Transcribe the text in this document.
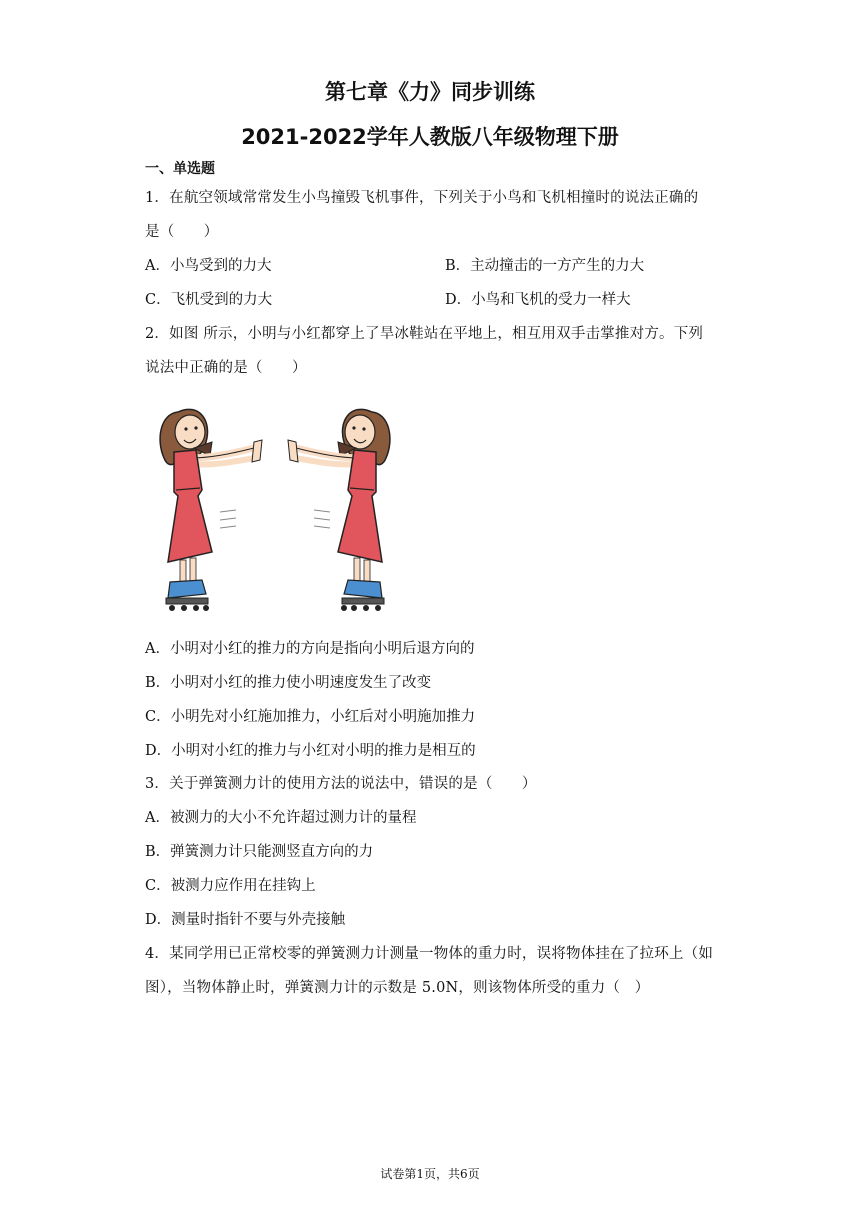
第七章《力》同步训练
2021-2022学年人教版八年级物理下册
一、单选题
1．在航空领域常常发生小鸟撞毁飞机事件，下列关于小鸟和飞机相撞时的说法正确的
是（　　）
A．小鸟受到的力大	B．主动撞击的一方产生的力大
C．飞机受到的力大	D．小鸟和飞机的受力一样大
2．如图 所示，小明与小红都穿上了旱冰鞋站在平地上，相互用双手击掌推对方。下列
说法中正确的是（　　）
A．小明对小红的推力的方向是指向小明后退方向的
B．小明对小红的推力使小明速度发生了改变
C．小明先对小红施加推力，小红后对小明施加推力
D．小明对小红的推力与小红对小明的推力是相互的
3．关于弹簧测力计的使用方法的说法中，错误的是（　　）
A．被测力的大小不允许超过测力计的量程
B．弹簧测力计只能测竖直方向的力
C．被测力应作用在挂钩上
D．测量时指针不要与外壳接触
4．某同学用已正常校零的弹簧测力计测量一物体的重力时，误将物体挂在了拉环上（如
图），当物体静止时，弹簧测力计的示数是 5.0N，则该物体所受的重力（　）
试卷第1页，共6页
